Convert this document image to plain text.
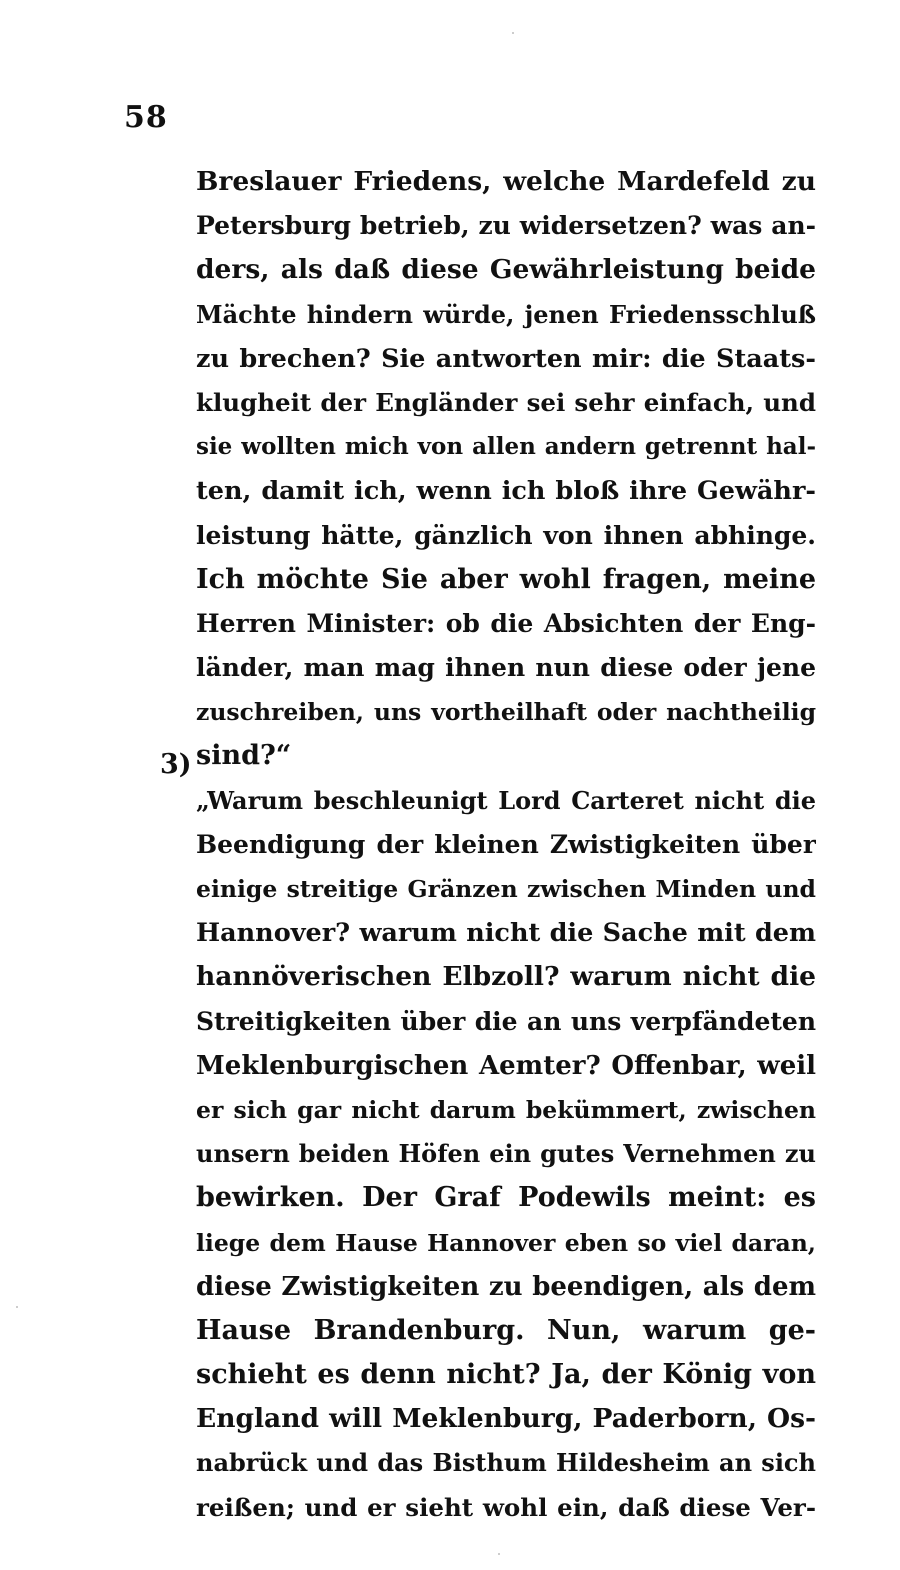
58
3)
Breslauer Friedens, welche Mardefeld zu
Petersburg betrieb, zu widersetzen? was an-
ders, als daß diese Gewährleistung beide
Mächte hindern würde, jenen Friedensschluß
zu brechen? Sie antworten mir: die Staats-
klugheit der Engländer sei sehr einfach, und
sie wollten mich von allen andern getrennt hal-
ten, damit ich, wenn ich bloß ihre Gewähr-
leistung hätte, gänzlich von ihnen abhinge.
Ich möchte Sie aber wohl fragen, meine
Herren Minister: ob die Absichten der Eng-
länder, man mag ihnen nun diese oder jene
zuschreiben, uns vortheilhaft oder nachtheilig
sind?“
„Warum beschleunigt Lord Carteret nicht die
Beendigung der kleinen Zwistigkeiten über
einige streitige Gränzen zwischen Minden und
Hannover? warum nicht die Sache mit dem
hannöverischen Elbzoll? warum nicht die
Streitigkeiten über die an uns verpfändeten
Meklenburgischen Aemter? Offenbar, weil
er sich gar nicht darum bekümmert, zwischen
unsern beiden Höfen ein gutes Vernehmen zu
bewirken. Der Graf Podewils meint: es
liege dem Hause Hannover eben so viel daran,
diese Zwistigkeiten zu beendigen, als dem
Hause Brandenburg. Nun, warum ge-
schieht es denn nicht? Ja, der König von
England will Meklenburg, Paderborn, Os-
nabrück und das Bisthum Hildesheim an sich
reißen; und er sieht wohl ein, daß diese Ver-
